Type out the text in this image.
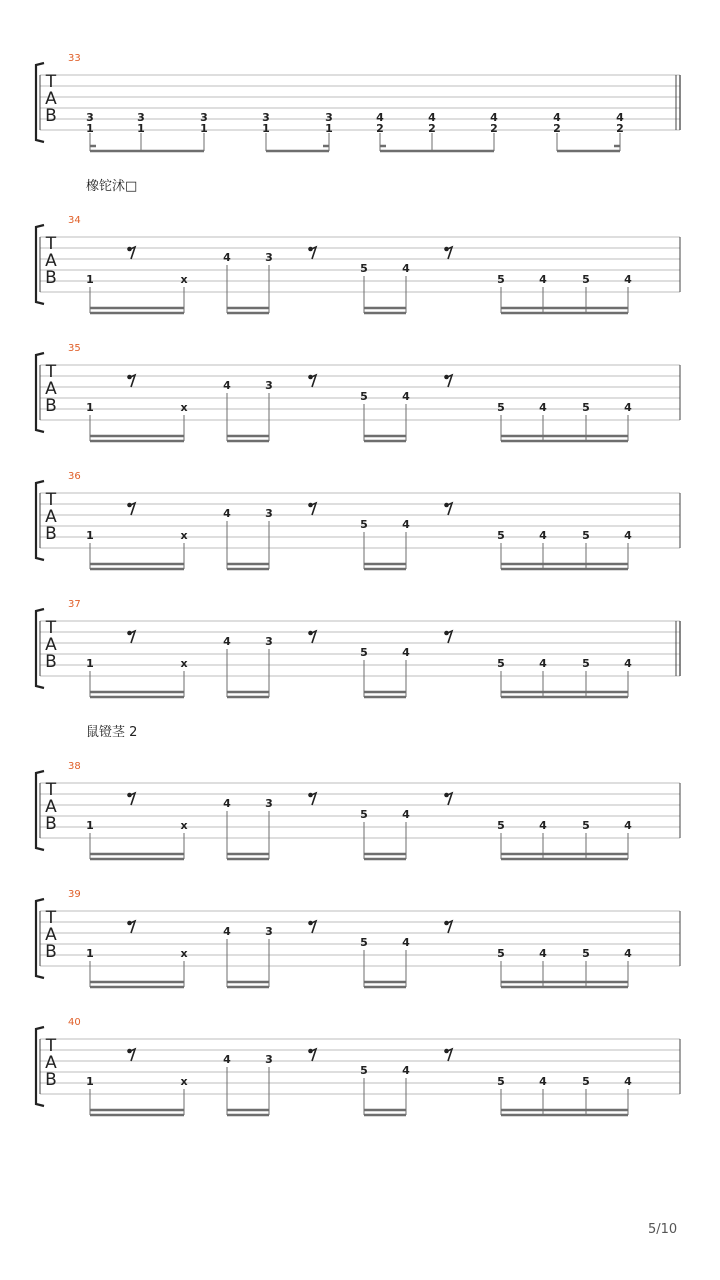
橡铊沭□
鼠镫茎 2
33
T
A
B	3
1
3
1
3
1
3
1
3
1
4
2
4
2
4
2
4
2
4
2
34
T
A
B	1	x
4	3
5	4
5	4	5	4
35
T
A
B	1	x
4	3
5	4
5	4	5	4
36
T
A
B	1	x
4	3
5	4
5	4	5	4
37
T
A
B	1	x
4	3
5	4
5	4	5	4
38
T
A
B	1	x
4	3
5	4
5	4	5	4
39
T
A
B	1	x
4	3
5	4
5	4	5	4
40
T
A
B	1	x
4	3
5	4
5	4	5	4
5/10
